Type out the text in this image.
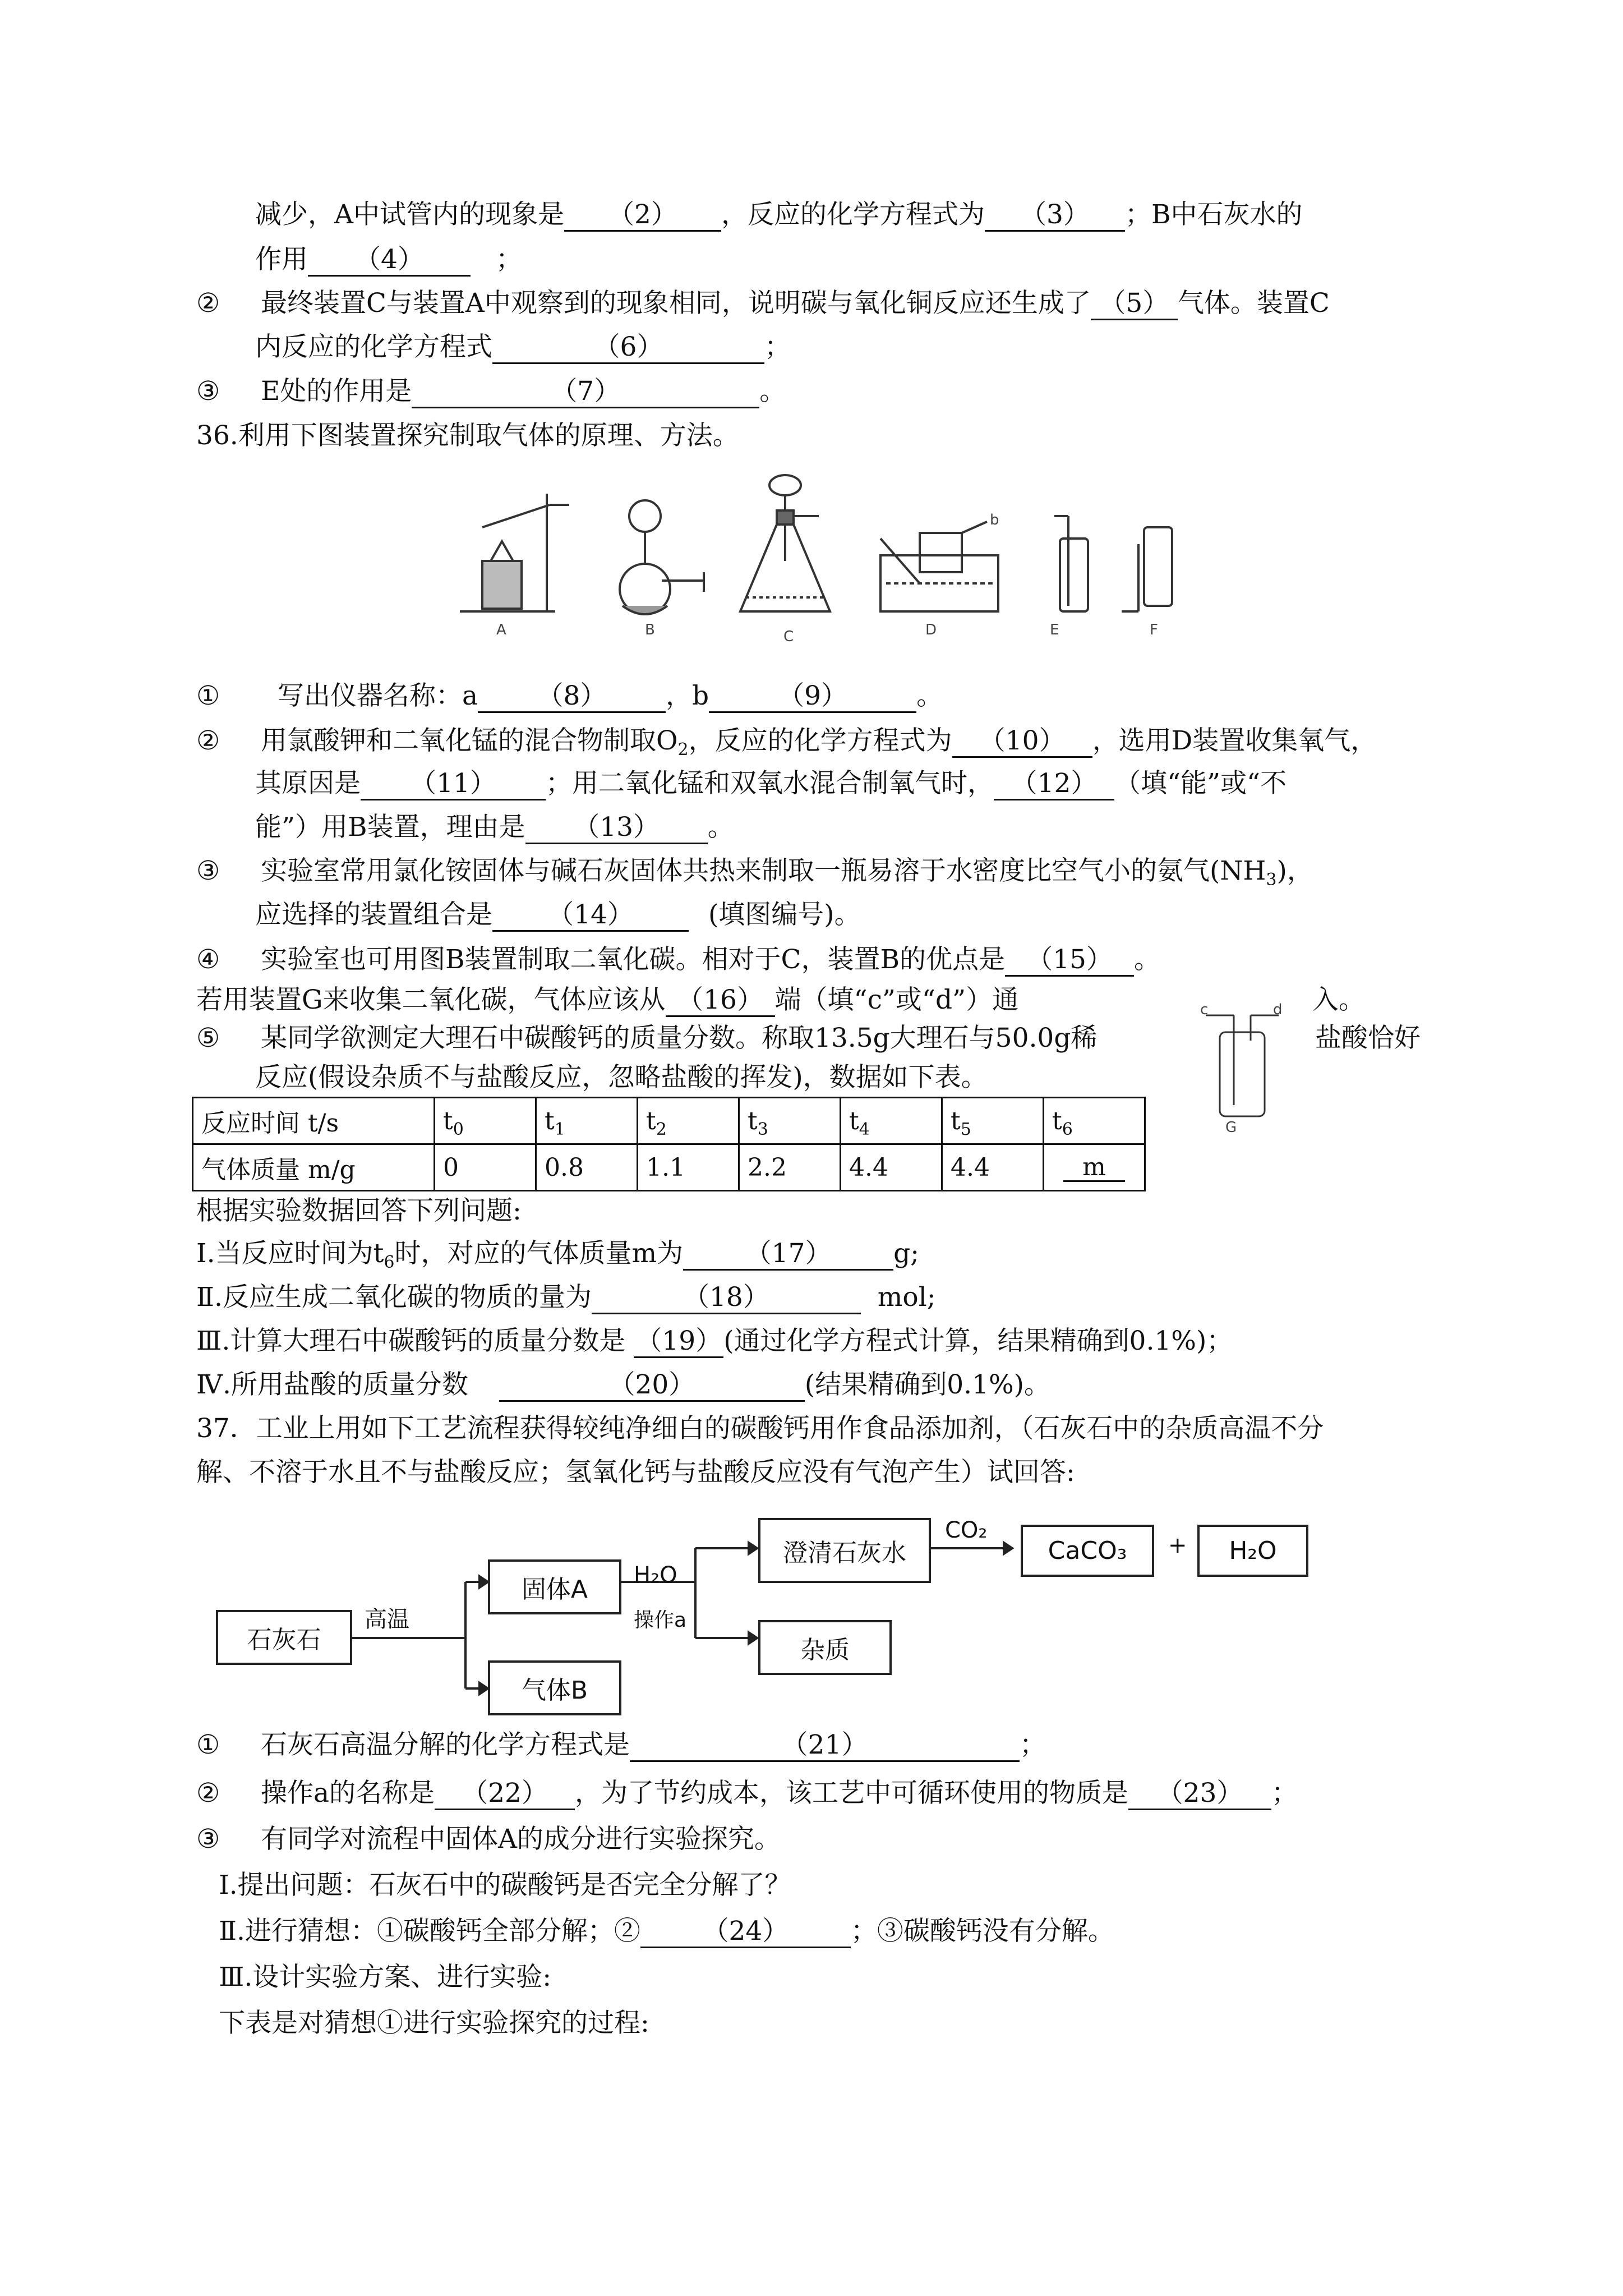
减少，A中试管内的现象是 （2） ，反应的化学方程式为 （3） ；B中石灰水的
作用 （4）	；
② 最终装置C与装置A中观察到的现象相同，说明碳与氧化铜反应还生成了 （5） 气体。装置C
内反应的化学方程式	（6）	；
③ E处的作用是	（7）	。
36.利用下图装置探究制取气体的原理、方法。
A	B	C	D	E	F
b
① 写出仪器名称：a （8） ，b	（9）	。
② 用氯酸钾和二氧化锰的混合物制取$O_2$，反应的化学方程式为 （10） ，选用D装置收集氧气，
其原因是 （11） ；用二氧化锰和双氧水混合制氧气时， （12） （填“能”或“不
能”）用B装置，理由是 （13） 。
③ 实验室常用氯化铵固体与碱石灰固体共热来制取一瓶易溶于水密度比空气小的氨气$(NH_3)$，
应选择的装置组合是 （14）	(填图编号)。
④ 实验室也可用图B装置制取二氧化碳。相对于C，装置B的优点是 （15） 。
若用装置G来收集二氧化碳，气体应该从 （16） 端（填“c”或“d”）通	入。
⑤ 某同学欲测定大理石中碳酸钙的质量分数。称取13.5g大理石与50.0g稀	盐酸恰好
反应(假设杂质不与盐酸反应，忽略盐酸的挥发)，数据如下表。
c	d
G
反应时间 t/s	$t_0$	$t_1$	$t_2$	$t_3$	$t_4$	$t_5$	$t_6$
气体质量 m/g	0	0.8	1.1	2.2	4.4	4.4	m
根据实验数据回答下列问题:
Ⅰ.当反应时间为$t_6$时，对应的气体质量m为 （17） g;
Ⅱ.反应生成二氧化碳的物质的量为	（18）	mol;
Ⅲ.计算大理石中碳酸钙的质量分数是 （19）(通过化学方程式计算，结果精确到0.1%)；
Ⅳ.所用盐酸的质量分数	（20）	(结果精确到0.1%)。
37．工业上用如下工艺流程获得较纯净细白的碳酸钙用作食品添加剂，（石灰石中的杂质高温不分
解、不溶于水且不与盐酸反应；氢氧化钙与盐酸反应没有气泡产生）试回答:
石灰石
高温
固体A
气体B
H₂O
操作a
澄清石灰水
杂质
CO₂
CaCO₃	+	H₂O
① 石灰石高温分解的化学方程式是	（21）	；
② 操作a的名称是 （22） ，为了节约成本，该工艺中可循环使用的物质是 （23） ；
③ 有同学对流程中固体A的成分进行实验探究。
Ⅰ.提出问题：石灰石中的碳酸钙是否完全分解了？
Ⅱ.进行猜想：①碳酸钙全部分解；② （24） ；③碳酸钙没有分解。
Ⅲ.设计实验方案、进行实验:
下表是对猜想①进行实验探究的过程:
